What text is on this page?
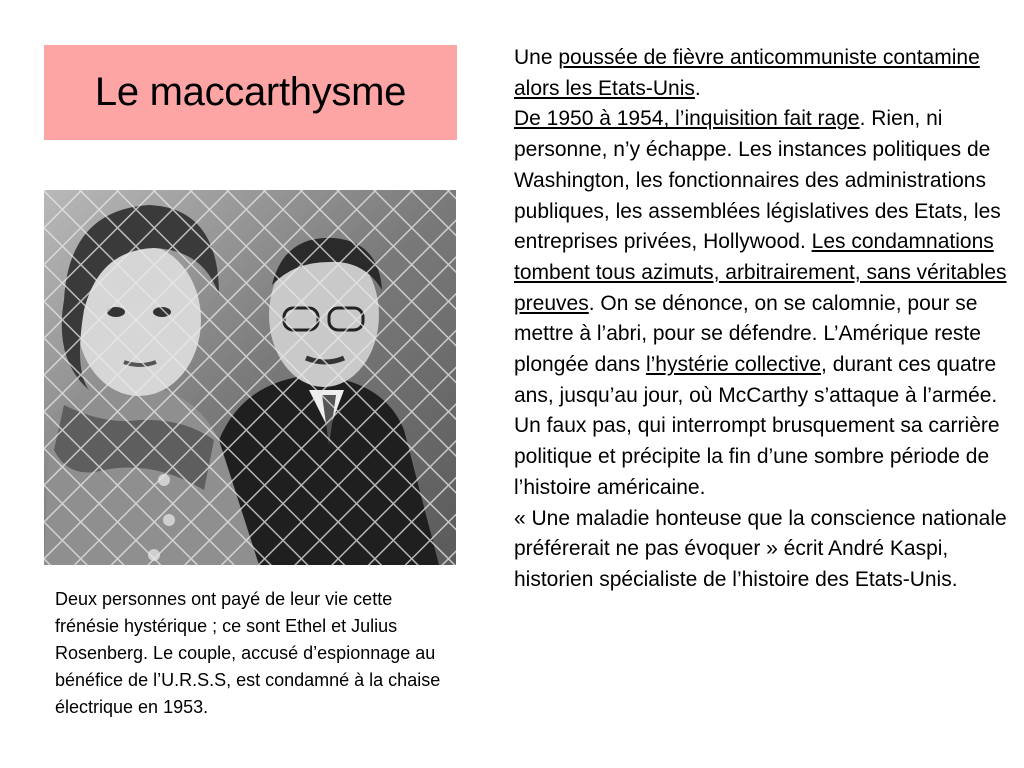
Le maccarthysme
Deux personnes ont payé de leur vie cette frénésie hystérique ; ce sont Ethel et Julius Rosenberg. Le couple, accusé d’espionnage au bénéfice de l’U.R.S.S, est condamné à la chaise électrique en 1953.

Une poussée de fièvre anticommuniste contamine alors les Etats-Unis.

De 1950 à 1954, l’inquisition fait rage. Rien, ni personne, n’y échappe. Les instances politiques de Washington, les fonctionnaires des administrations publiques, les assemblées législatives des Etats, les entreprises privées, Hollywood. Les condamnations tombent tous azimuts, arbitrairement, sans véritables preuves. On se dénonce, on se calomnie, pour se mettre à l’abri, pour se défendre. L’Amérique reste plongée dans l’hystérie collective, durant ces quatre ans, jusqu’au jour, où McCarthy s’attaque à l’armée.

Un faux pas, qui interrompt brusquement sa carrière politique et précipite la fin d’une sombre période de l’histoire américaine.

« Une maladie honteuse que la conscience nationale préférerait ne pas évoquer » écrit André Kaspi, historien spécialiste de l’histoire des Etats-Unis.
